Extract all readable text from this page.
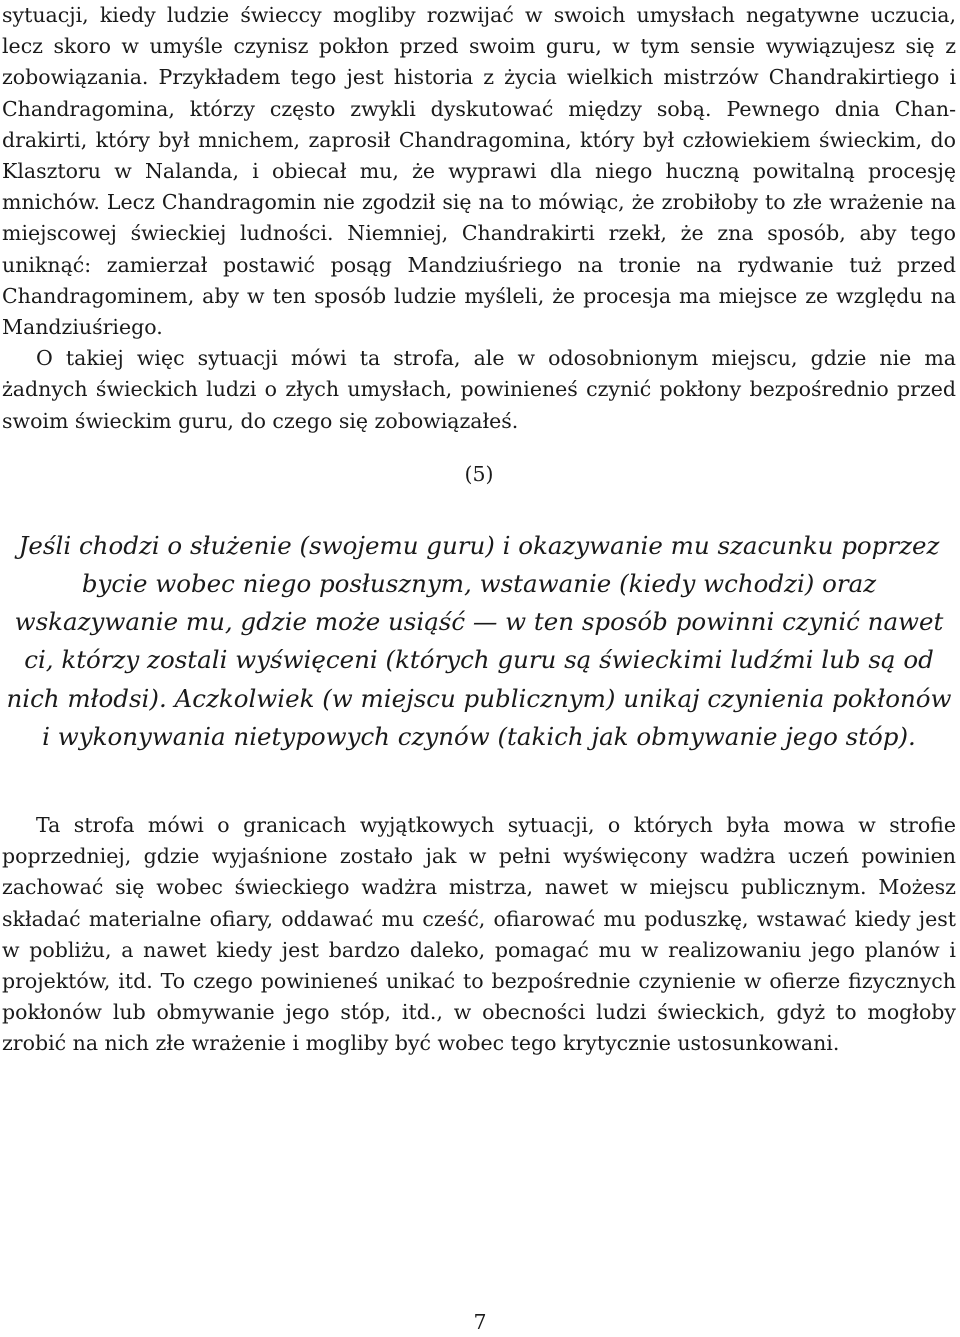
sytuacji, kiedy ludzie świeccy mogliby rozwijać w swoich umysłach negatywne uczucia, lecz skoro w umyśle czynisz pokłon przed swoim guru, w tym sensie wywiązujesz się z zobowiązania. Przykładem tego jest historia z życia wielkich mistrzów Chandrakirtiego i Chandragomina, którzy często zwykli dyskutować między sobą. Pewnego dnia Chandrakirti, który był mnichem, zaprosił Chandragomina, który był człowiekiem świeckim, do Klasztoru w Nalanda, i obiecał mu, że wyprawi dla niego huczną powitalną procesję mnichów. Lecz Chandragomin nie zgodził się na to mówiąc, że zrobiłoby to złe wrażenie na miejscowej świeckiej ludności. Niemniej, Chandrakirti rzekł, że zna sposób, aby tego uniknąć: zamierzał postawić posąg Mandziuśriego na tronie na rydwanie tuż przed Chandragominem, aby w ten sposób ludzie myśleli, że procesja ma miejsce ze względu na Mandziuśriego.

O takiej więc sytuacji mówi ta strofa, ale w odosobnionym miejscu, gdzie nie ma żadnych świeckich ludzi o złych umysłach, powinieneś czynić pokłony bezpośrednio przed swoim świeckim guru, do czego się zobowiązałeś.

(5)

Jeśli chodzi o służenie (swojemu guru) i okazywanie mu szacunku poprzez bycie wobec niego posłusznym, wstawanie (kiedy wchodzi) oraz wskazywanie mu, gdzie może usiąść — w ten sposób powinni czynić nawet ci, którzy zostali wyświęceni (których guru są świeckimi ludźmi lub są od nich młodsi). Aczkolwiek (w miejscu publicznym) unikaj czynienia pokłonów i wykonywania nietypowych czynów (takich jak obmywanie jego stóp).

Ta strofa mówi o granicach wyjątkowych sytuacji, o których była mowa w strofie poprzedniej, gdzie wyjaśnione zostało jak w pełni wyświęcony wadżra uczeń powinien zachować się wobec świeckiego wadżra mistrza, nawet w miejscu publicznym. Możesz składać materialne ofiary, oddawać mu cześć, ofiarować mu poduszkę, wstawać kiedy jest w pobliżu, a nawet kiedy jest bardzo daleko, pomagać mu w realizowaniu jego planów i projektów, itd. To czego powinieneś unikać to bezpośrednie czynienie w ofierze fizycznych pokłonów lub obmywanie jego stóp, itd., w obecności ludzi świeckich, gdyż to mogłoby zrobić na nich złe wrażenie i mogliby być wobec tego krytycznie ustosunkowani.

7
